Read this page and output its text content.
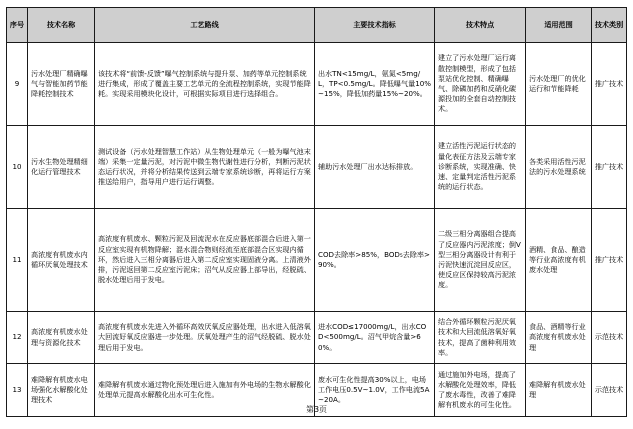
序号	技术名称	工艺路线	主要技术指标	技术特点	适用范围	技术类别
9	污水处理厂精确曝气与智能加药节能降耗控制技术	该技术将“前馈-反馈”曝气控制系统与提升泵、加药等单元控制系统进行集成，形成了覆盖主要工艺单元的全流程控制系统，实现节能降耗。实现采用模块化设计，可根据实际项目进行选择组合。	出水TN<15mg/L，氨氮<5mg/L，TP<0.5mg/L。降低曝气量10%~15%，降低加药量15%~20%。	建立了污水处理厂运行离散控制模型，形成了包括泵站优化控制、精确曝气、除磷加药和反硝化碳源投加的全套自动控制技术。	污水处理厂的优化运行和节能降耗	推广技术
10	污水生物处理精细化运行管理技术	测试设备（污水处理智慧工作站）从生物处理单元（一般为曝气池末端）采集一定量污泥，对污泥中微生物代谢性进行分析，判断污泥状态运行状况，并将分析结果传送到云端专家系统诊断，再将运行方案推送给用户，指导用户进行运行调整。	辅助污水处理厂出水达标排放。	建立活性污泥运行状态的量化表征方法及云端专家诊断系统，实现准确、快速、定量判定活性污泥系统的运行状态。	各类采用活性污泥法的污水处理系统	推广技术
11	高浓度有机废水内循环厌氧处理技术	高浓度有机废水、颗粒污泥及回流泥水在反应器底部混合后进入第一反应室实现有机物降解；混水混合物则经流至底部混合区实现内循环，然后进入三相分离器后进入第二反应室实现固液分离。上清液外排，污泥返回第二反应室污泥床；沼气从反应器上部导出，经脱硫、脱水处理后用于发电。	COD去除率>85%，BOD₅去除率>90%。	二级三相分离器组合提高了反应器内污泥浓度；倒V型三相分离器设计有利于污泥快速沉淀回反应区，使反应区保持较高污泥浓度。	酒精、食品、酿造等行业高浓度有机废水处理	推广技术
12	高浓度有机废水处理与资源化技术	高浓度有机废水先进入外循环高效厌氧反应器处理，出水进入低溶氧大回流好氧反应器进一步处理。厌氧处理产生的沼气经脱硫、脱水处理后用于发电。	进水COD≤17000mg/L，出水COD<500mg/L。沼气甲烷含量>60%。	结合外循环颗粒污泥厌氧技术和大回流低溶氧好氧技术，提高了菌种利用效率。	食品、酒精等行业高浓度有机废水处理	示范技术
13	难降解有机废水电场强化水解酸化处理技术	难降解有机废水通过物化预处理后进入施加有外电场的生物水解酸化处理单元提高水解酸化出水可生化性。	废水可生化性提高30%以上，电场工作电压0.5V~1.0V，工作电流5A~20A。	通过施加外电场，提高了水解酸化处理效率，降低了废水毒性，改善了难降解有机废水的可生化性。	难降解有机废水处理	示范技术
第3页
